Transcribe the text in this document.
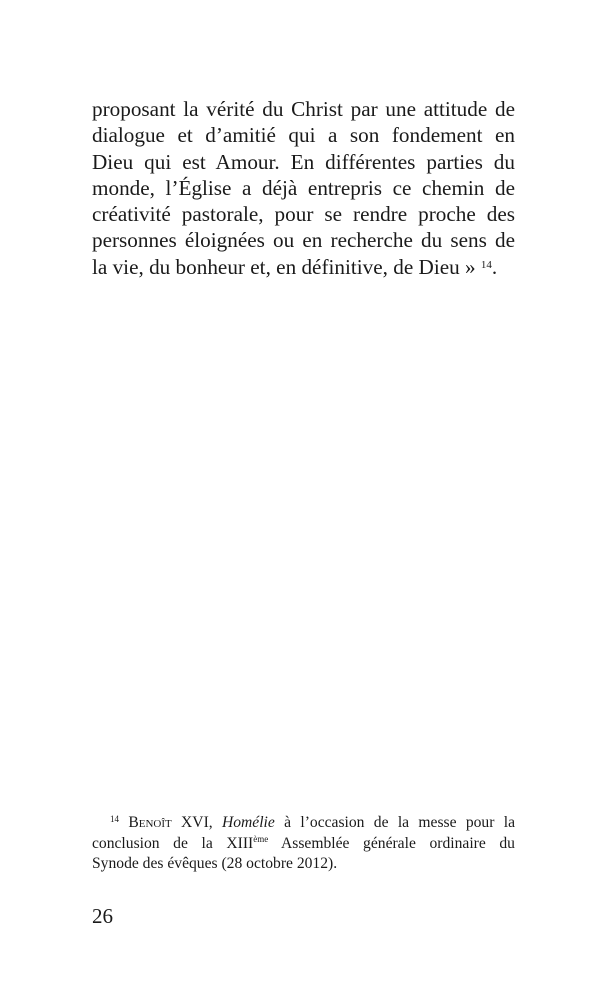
proposant la vérité du Christ par une attitude de
dialogue et d’amitié qui a son fondement en
Dieu qui est Amour. En différentes parties du
monde, l’Église a déjà entrepris ce chemin de
créativité pastorale, pour se rendre proche des
personnes éloignées ou en recherche du sens de
la vie, du bonheur et, en définitive, de Dieu » $^{14}$.
$^{14}$ Benoît XVI, Homélie à l’occasion de la messe pour la
conclusion de la XIIIème Assemblée générale ordinaire du
Synode des évêques (28 octobre 2012).
26
